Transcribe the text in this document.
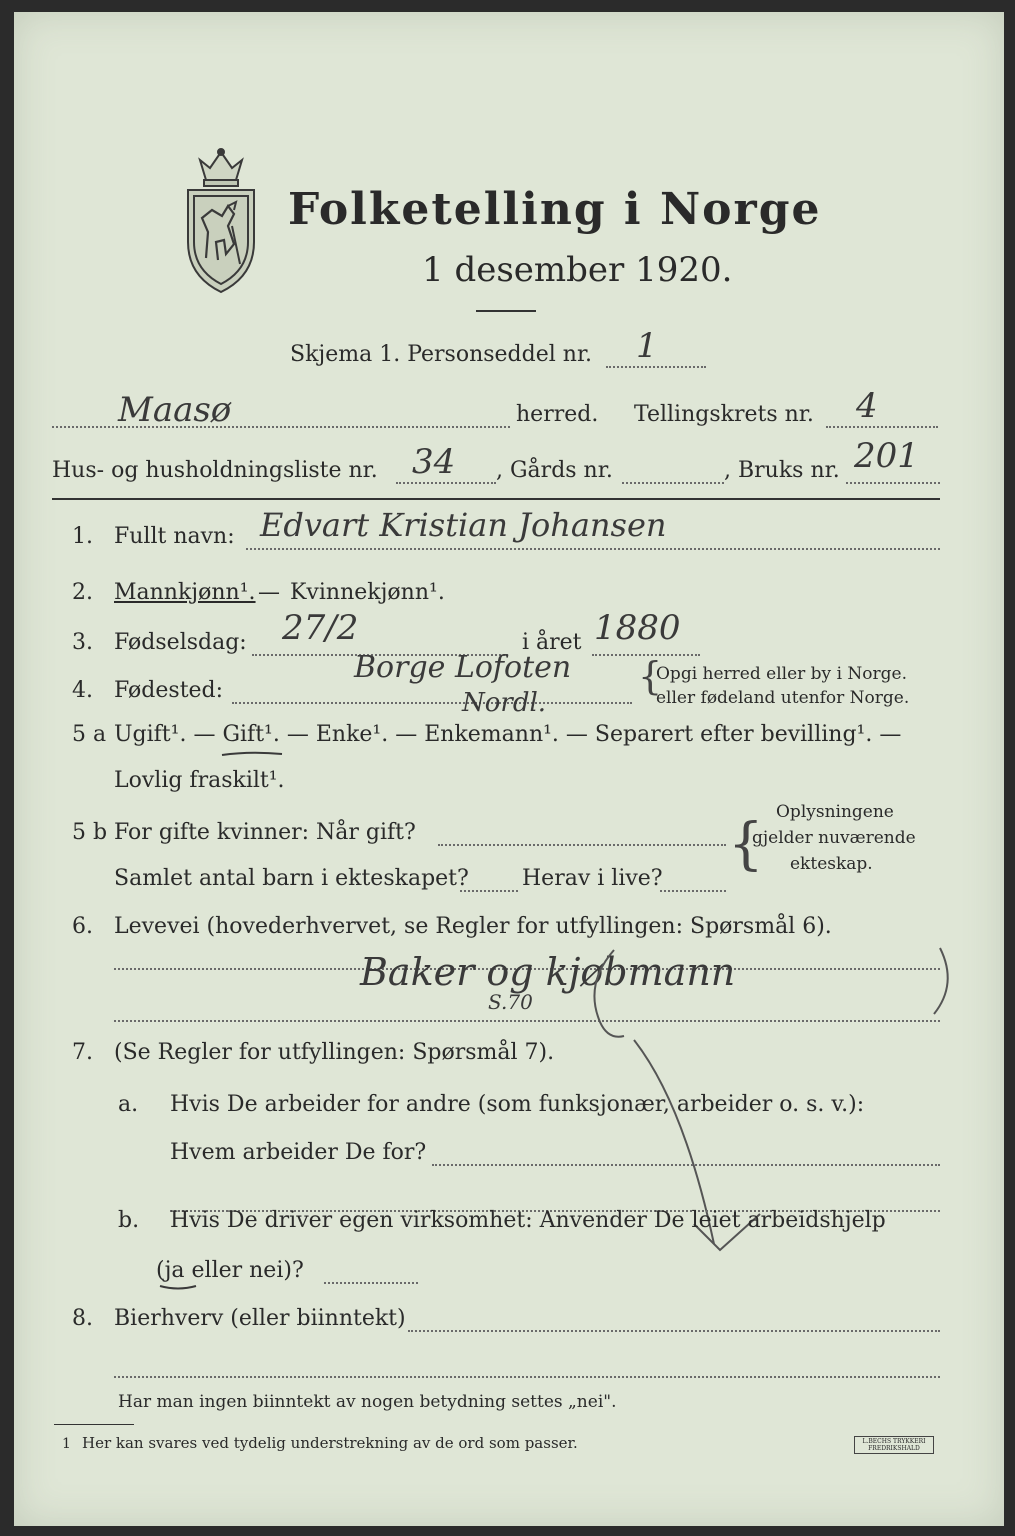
Folketelling i Norge
1 desember 1920.
Skjema 1. Personseddel nr. 1
Maasø	herred. Tellingskrets nr. 4
Hus- og husholdningsliste nr. 34 , Gårds nr.	, Bruks nr. 201
1. Fullt navn: Edvart Kristian Johansen
2. Mannkjønn¹. — Kvinnekjønn¹.
3. Fødselsdag: 27/2	i året 1880
4. Fødested:
Borge Lofoten
Nordl.
{
Opgi herred eller by i Norge.
eller fødeland utenfor Norge.
5 a Ugift¹. — Gift¹. — Enke¹. — Enkemann¹. — Separert efter bevilling¹. —
Lovlig fraskilt¹.
5 b For gifte kvinner: Når gift?
Samlet antal barn i ekteskapet? Herav i live?
{ Oplysningene
gjelder nuværende
ekteskap.
6. Levevei (hovederhvervet, se Regler for utfyllingen: Spørsmål 6).
Baker og kjøbmann
S.70
7. (Se Regler for utfyllingen: Spørsmål 7).
a. Hvis De arbeider for andre (som funksjonær, arbeider o. s. v.):
Hvem arbeider De for?
b. Hvis De driver egen virksomhet: Anvender De leiet arbeidshjelp
(ja eller nei)?
8. Bierhverv (eller biinntekt)
Har man ingen biinntekt av nogen betydning settes „nei".
1 Her kan svares ved tydelig understrekning av de ord som passer.	L.BECHS TRYKKERI FREDRIKSHALD
